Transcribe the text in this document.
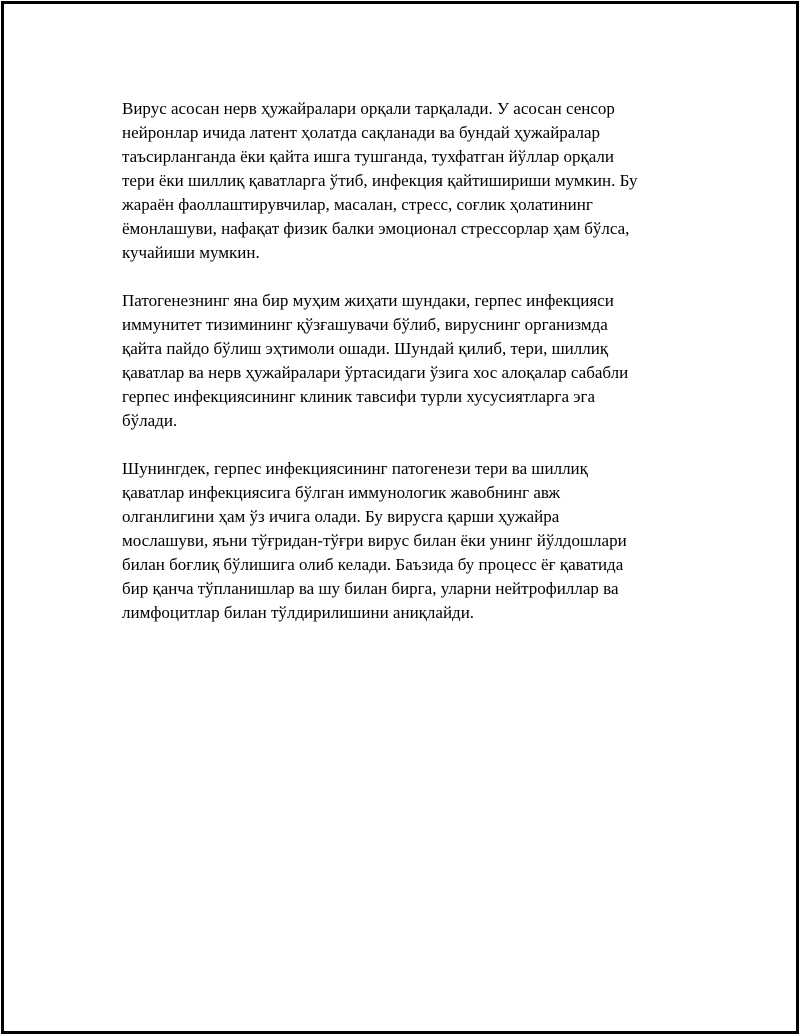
Вирус асосан нерв ҳужайралари орқали тарқалади. У асосан сенсор
нейронлар ичида латент ҳолатда сақланади ва бундай ҳужайралар
таъсирланганда ёки қайта ишга тушганда, тухфатган йўллар орқали
тери ёки шиллиқ қаватларга ўтиб, инфекция қайтишириши мумкин. Бу
жараён фаоллаштирувчилар, масалан, стресс, соғлик ҳолатининг
ёмонлашуви, нафақат физик балки эмоционал стрессорлар ҳам бўлса,
кучайиши мумкин.

Патогенезнинг яна бир муҳим жиҳати шундаки, герпес инфекцияси
иммунитет тизимининг қўзғашувачи бўлиб, вируснинг организмда
қайта пайдо бўлиш эҳтимоли ошади. Шундай қилиб, тери, шиллиқ
қаватлар ва нерв ҳужайралари ўртасидаги ўзига хос алоқалар сабабли
герпес инфекциясининг клиник тавсифи турли хусусиятларга эга
бўлади.

Шунингдек, герпес инфекциясининг патогенези тери ва шиллиқ
қаватлар инфекциясига бўлган иммунологик жавобнинг авж
олганлигини ҳам ўз ичига олади. Бу вирусга қарши ҳужайра
мослашуви, яъни тўғридан-тўғри вирус билан ёки унинг йўлдошлари
билан боғлиқ бўлишига олиб келади. Баъзида бу процесс ёғ қаватида
бир қанча тўпланишлар ва шу билан бирга, уларни нейтрофиллар ва
лимфоцитлар билан тўлдирилишини аниқлайди.
